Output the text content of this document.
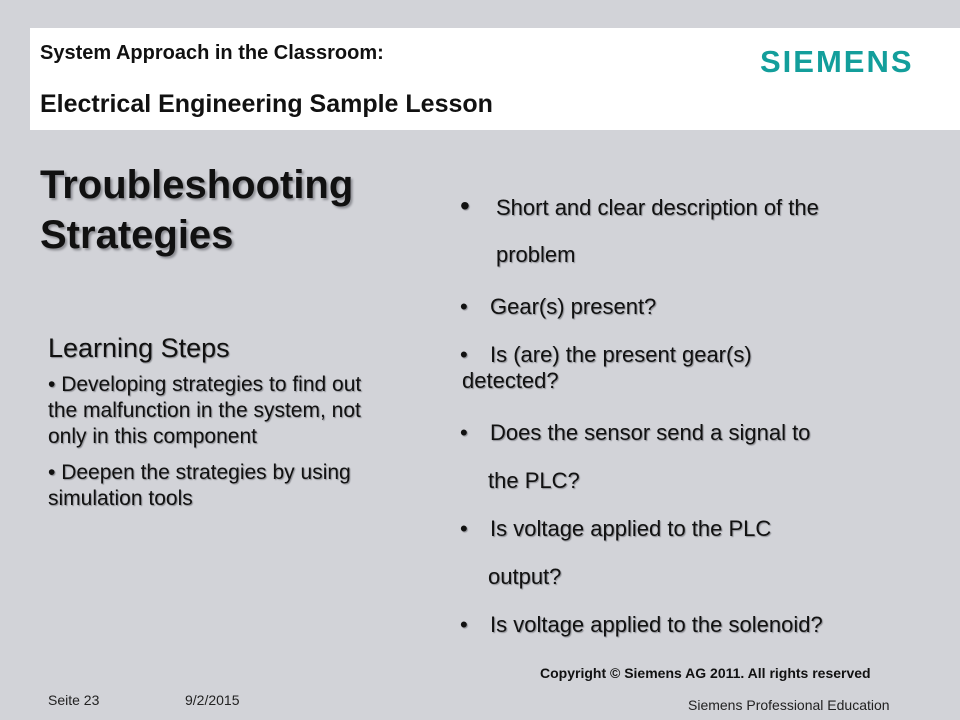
System Approach in the Classroom:
Electrical Engineering Sample Lesson
SIEMENS
Troubleshooting
Strategies
Learning Steps

• Developing strategies to find out the malfunction in the system, not only in this component

• Deepen the strategies by using simulation tools

• Short and clear description of the
problem
• Gear(s) present?
• Is (are) the present gear(s)
detected?
• Does the sensor send a signal to
the PLC?
• Is voltage applied to the PLC
output?
• Is voltage applied to the solenoid?
Copyright © Siemens AG 2011. All rights reserved
Seite 23	9/2/2015	Siemens Professional Education
